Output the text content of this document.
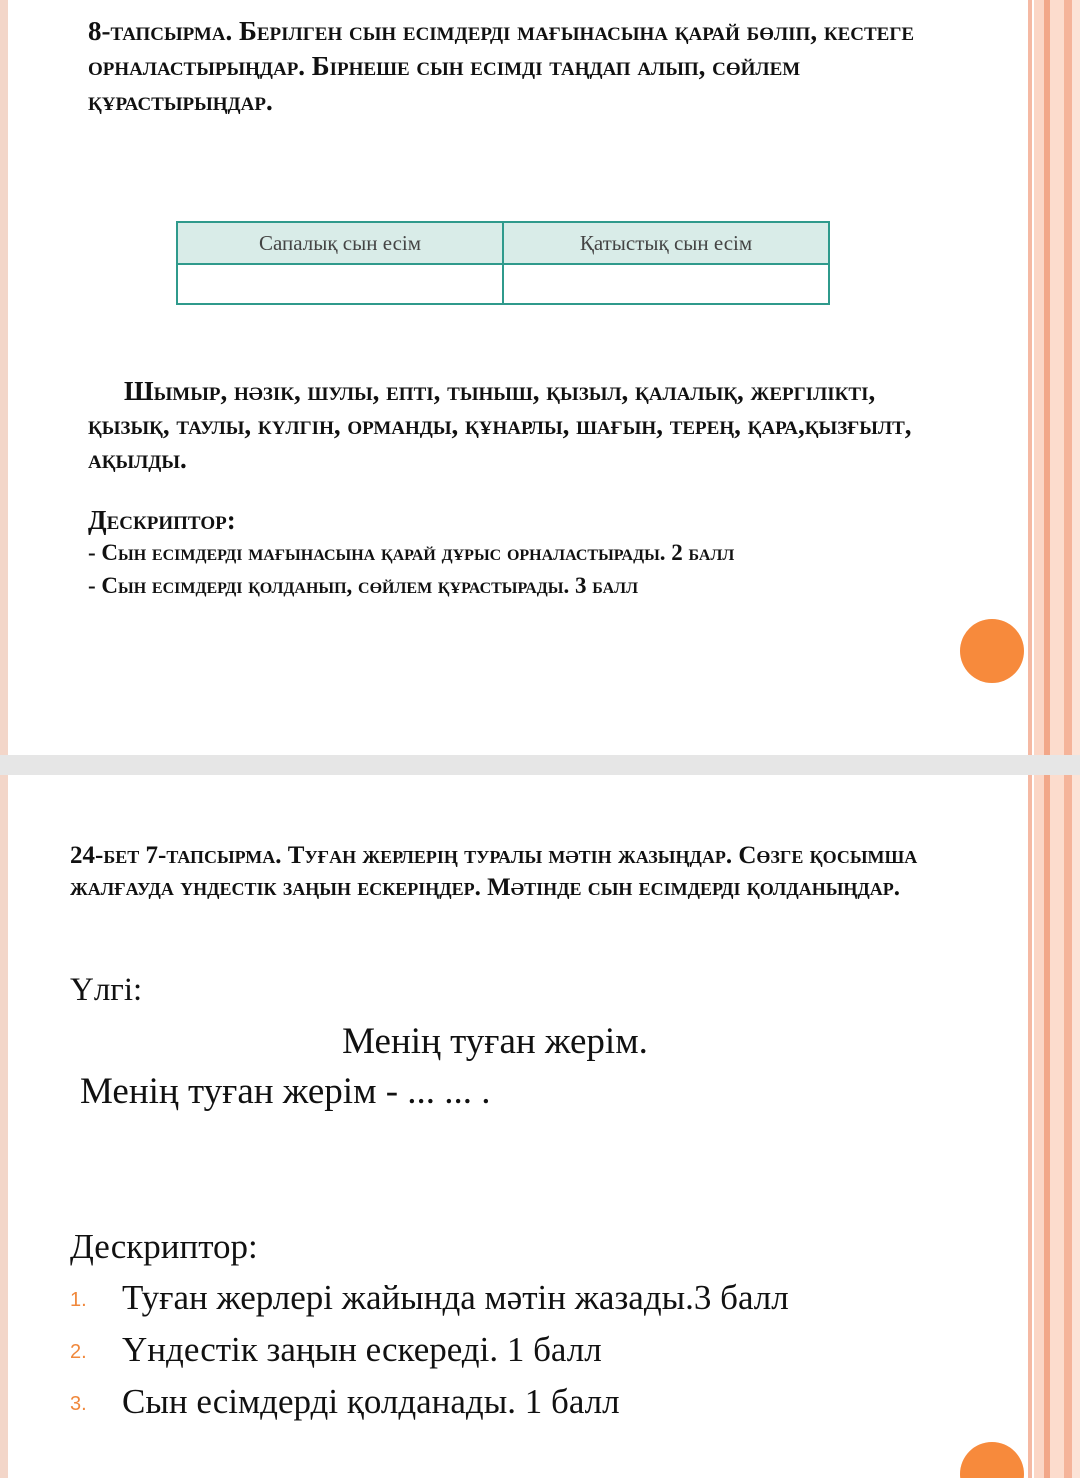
8-тапсырма. Берілген сын есімдерді мағынасына қарай бөліп, кестеге орналастырыңдар. Бірнеше сын есімді таңдап алып, сөйлем құрастырыңдар.
Сапалық сын есім	Қатыстық сын есім
Шымыр, нәзік, шулы, епті, тыныш, қызыл, қалалық, жергілікті, қызық, таулы, күлгін, орманды, құнарлы, шағын, терең, қара,қызғылт, ақылды.
Дескриптор:
- Сын есімдерді мағынасына қарай дұрыс орналастырады. 2 балл
- Сын есімдерді қолданып, сөйлем құрастырады. 3 балл
24-бет 7-тапсырма. Туған жерлерің туралы мәтін жазыңдар. Сөзге қосымша жалғауда үндестік заңын ескеріңдер. Мәтінде сын есімдерді қолданыңдар.
Үлгі:
Менің туған жерім.
Менің туған жерім - ... ... .
Дескриптор:
1. Туған жерлері жайында мәтін жазады.3 балл
2. Үндестік заңын ескереді. 1 балл
3. Сын есімдерді қолданады. 1 балл
